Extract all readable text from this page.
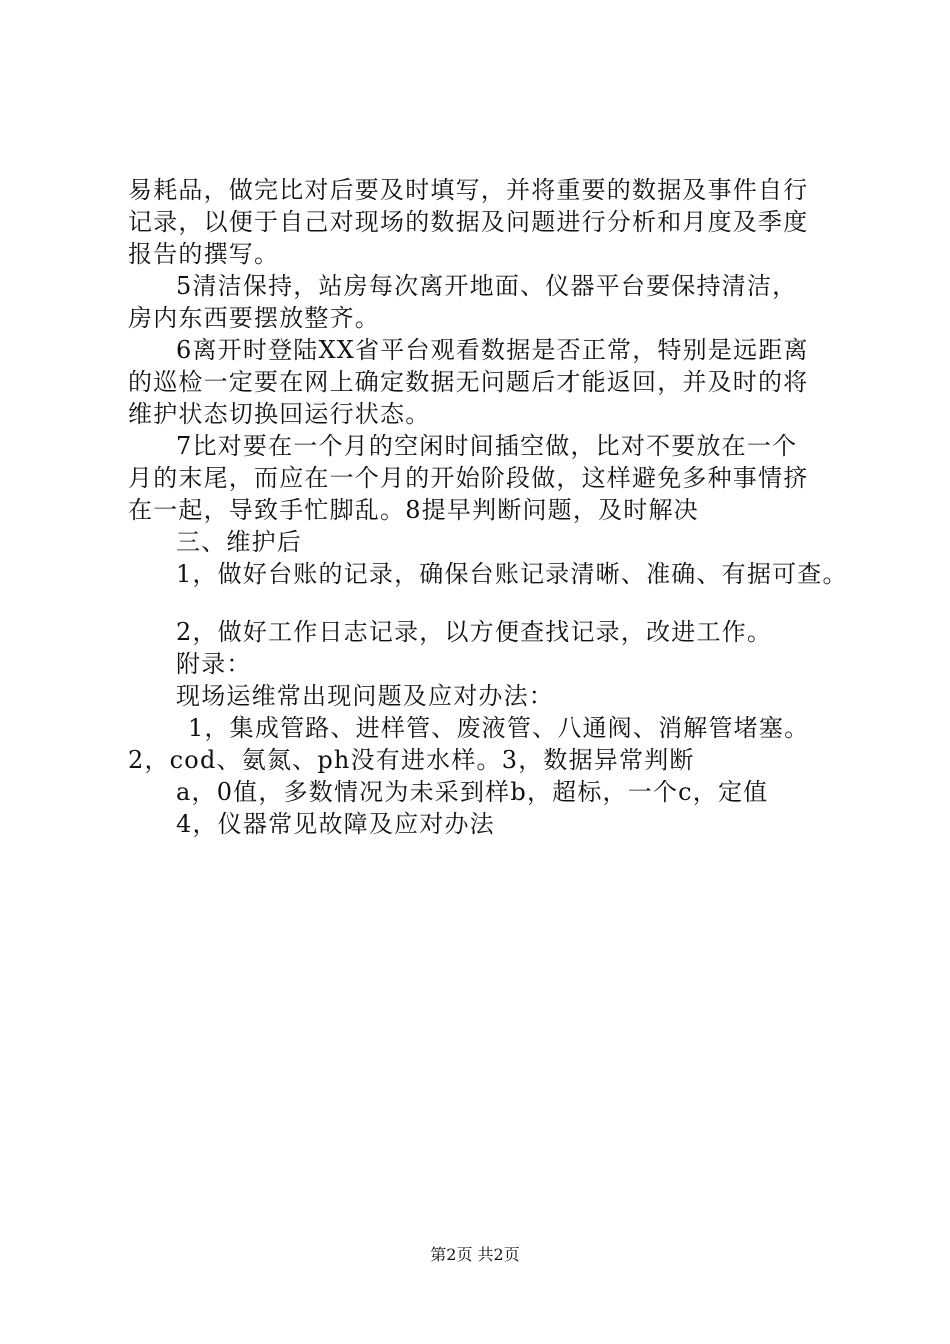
易耗品，做完比对后要及时填写，并将重要的数据及事件自行
记录，以便于自己对现场的数据及问题进行分析和月度及季度
报告的撰写。
5清洁保持，站房每次离开地面、仪器平台要保持清洁，
房内东西要摆放整齐。
6离开时登陆XX省平台观看数据是否正常，特别是远距离
的巡检一定要在网上确定数据无问题后才能返回，并及时的将
维护状态切换回运行状态。
7比对要在一个月的空闲时间插空做，比对不要放在一个
月的末尾，而应在一个月的开始阶段做，这样避免多种事情挤
在一起，导致手忙脚乱。8提早判断问题，及时解决
三、维护后
1，做好台账的记录，确保台账记录清晰、准确、有据可查。
2，做好工作日志记录，以方便查找记录，改进工作。
附录：
现场运维常出现问题及应对办法：
1，集成管路、进样管、废液管、八通阀、消解管堵塞。
2，cod、氨氮、ph没有进水样。3，数据异常判断
a，0值，多数情况为未采到样b，超标，一个c，定值
4，仪器常见故障及应对办法
第2页 共2页
